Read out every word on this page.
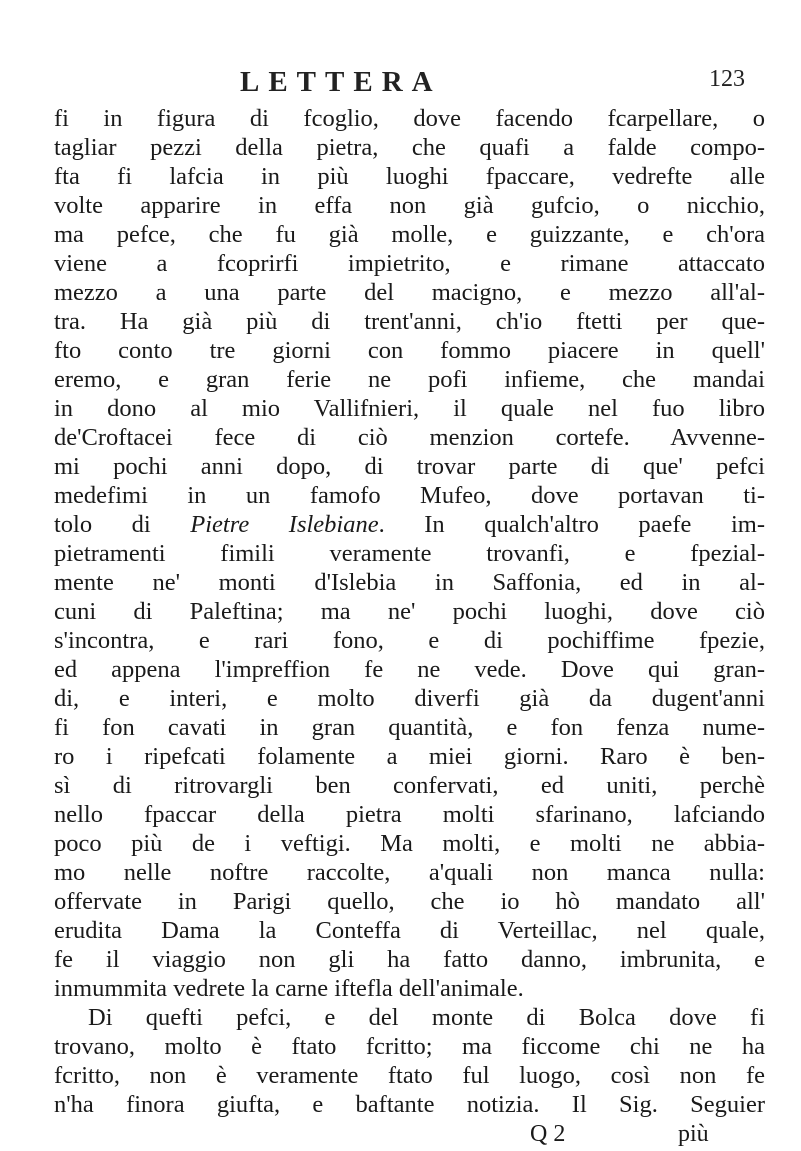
LETTERA	123
fi in figura di fcoglio, dove facendo fcarpellare, o
tagliar pezzi della pietra, che quafi a falde compo-
fta fi lafcia in più luoghi fpaccare, vedrefte alle
volte apparire in effa non già gufcio, o nicchio,
ma pefce, che fu già molle, e guizzante, e ch'ora
viene a fcoprirfi impietrito, e rimane attaccato
mezzo a una parte del macigno, e mezzo all'al-
tra. Ha già più di trent'anni, ch'io ftetti per que-
fto conto tre giorni con fommo piacere in quell'
eremo, e gran ferie ne pofi infieme, che mandai
in dono al mio Vallifnieri, il quale nel fuo libro
de'Croftacei fece di ciò menzion cortefe. Avvenne-
mi pochi anni dopo, di trovar parte di que' pefci
medefimi in un famofo Mufeo, dove portavan ti-
tolo di Pietre Islebiane. In qualch'altro paefe im-
pietramenti fimili veramente trovanfi, e fpezial-
mente ne' monti d'Islebia in Saffonia, ed in al-
cuni di Paleftina; ma ne' pochi luoghi, dove ciò
s'incontra, e rari fono, e di pochiffime fpezie,
ed appena l'impreffion fe ne vede. Dove qui gran-
di, e interi, e molto diverfi già da dugent'anni
fi fon cavati in gran quantità, e fon fenza nume-
ro i ripefcati folamente a miei giorni. Raro è ben-
sì di ritrovargli ben confervati, ed uniti, perchè
nello fpaccar della pietra molti sfarinano, lafciando
poco più de i veftigi. Ma molti, e molti ne abbia-
mo nelle noftre raccolte, a'quali non manca nulla:
offervate in Parigi quello, che io hò mandato all'
erudita Dama la Conteffa di Verteillac, nel quale,
fe il viaggio non gli ha fatto danno, imbrunita, e
inmummita vedrete la carne iftefla dell'animale.
Di quefti pefci, e del monte di Bolca dove fi
trovano, molto è ftato fcritto; ma ficcome chi ne ha
fcritto, non è veramente ftato ful luogo, così non fe
n'ha finora giufta, e baftante notizia. Il Sig. Seguier
Q 2	più
